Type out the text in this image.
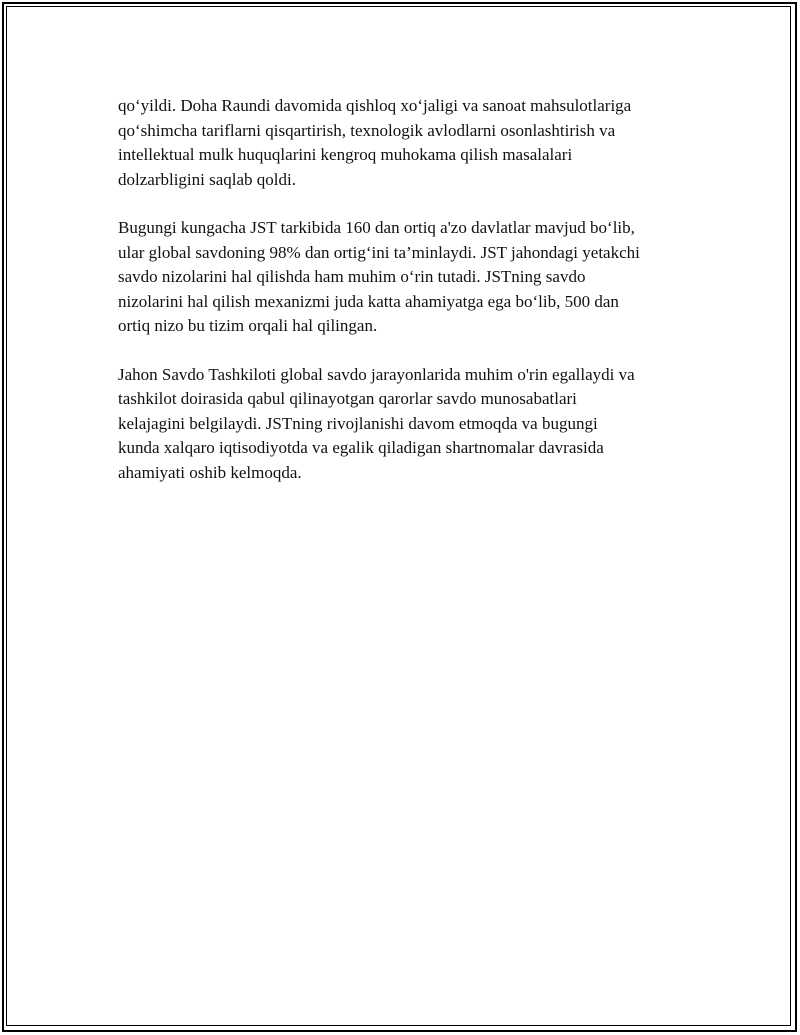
qo‘yildi. Doha Raundi davomida qishloq xo‘jaligi va sanoat mahsulotlariga
qo‘shimcha tariflarni qisqartirish, texnologik avlodlarni osonlashtirish va
intellektual mulk huquqlarini kengroq muhokama qilish masalalari
dolzarbligini saqlab qoldi.

Bugungi kungacha JST tarkibida 160 dan ortiq a'zo davlatlar mavjud bo‘lib,
ular global savdoning 98% dan ortig‘ini ta’minlaydi. JST jahondagi yetakchi
savdo nizolarini hal qilishda ham muhim o‘rin tutadi. JSTning savdo
nizolarini hal qilish mexanizmi juda katta ahamiyatga ega bo‘lib, 500 dan
ortiq nizo bu tizim orqali hal qilingan.

Jahon Savdo Tashkiloti global savdo jarayonlarida muhim o'rin egallaydi va
tashkilot doirasida qabul qilinayotgan qarorlar savdo munosabatlari
kelajagini belgilaydi. JSTning rivojlanishi davom etmoqda va bugungi
kunda xalqaro iqtisodiyotda va egalik qiladigan shartnomalar davrasida
ahamiyati oshib kelmoqda.
